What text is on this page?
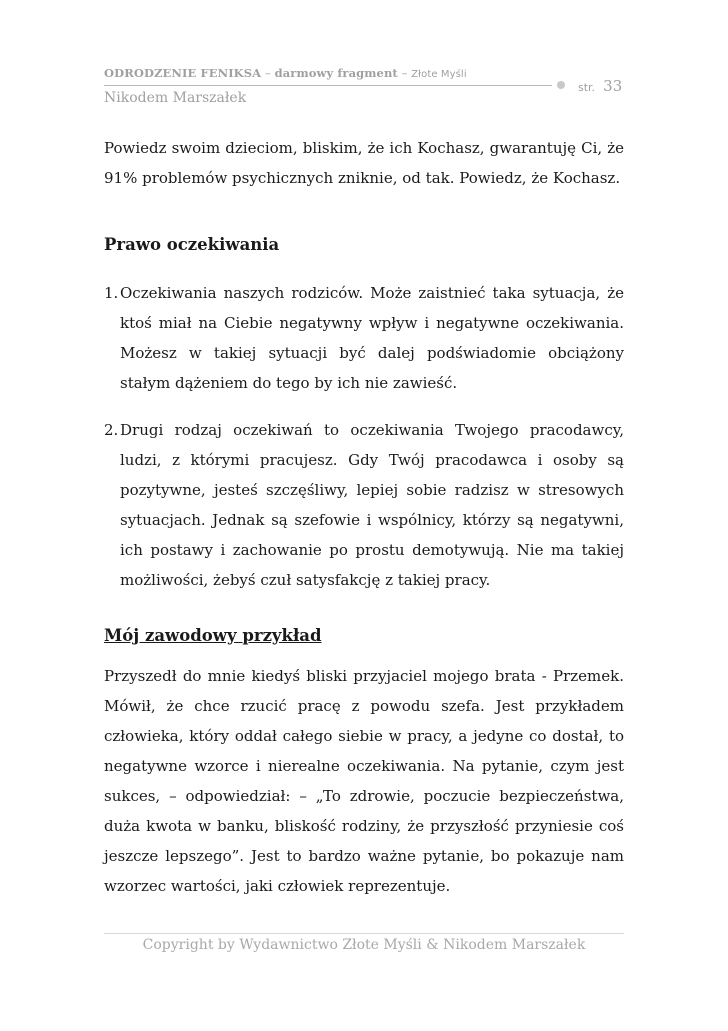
ODRODZENIE FENIKSA – darmowy fragment – Złote Myśli
str. 33
Nikodem Marszałek

Powiedz swoim dzieciom, bliskim, że ich Kochasz, gwarantuję Ci, że 91% problemów psychicznych zniknie, od tak. Powiedz, że Kochasz.

Prawo oczekiwania
1. Oczekiwania naszych rodziców. Może zaistnieć taka sytuacja, że ktoś miał na Ciebie negatywny wpływ i negatywne oczekiwania. Możesz w takiej sytuacji być dalej podświadomie obciążony stałym dążeniem do tego by ich nie zawieść.
2. Drugi rodzaj oczekiwań to oczekiwania Twojego pracodawcy, ludzi, z którymi pracujesz. Gdy Twój pracodawca i osoby są pozytywne, jesteś szczęśliwy, lepiej sobie radzisz w stresowych sytuacjach. Jednak są szefowie i wspólnicy, którzy są negatywni, ich postawy i zachowanie po prostu demotywują. Nie ma takiej możliwości, żebyś czuł satysfakcję z takiej pracy.
Mój zawodowy przykład

Przyszedł do mnie kiedyś bliski przyjaciel mojego brata - Przemek. Mówił, że chce rzucić pracę z powodu szefa. Jest przykładem człowieka, który oddał całego siebie w pracy, a jedyne co dostał, to negatywne wzorce i nierealne oczekiwania. Na pytanie, czym jest sukces, – odpowiedział: – „To zdrowie, poczucie bezpieczeństwa, duża kwota w banku, bliskość rodziny, że przyszłość przyniesie coś jeszcze lepszego”. Jest to bardzo ważne pytanie, bo pokazuje nam wzorzec wartości, jaki człowiek reprezentuje.

Copyright by Wydawnictwo Złote Myśli & Nikodem Marszałek
